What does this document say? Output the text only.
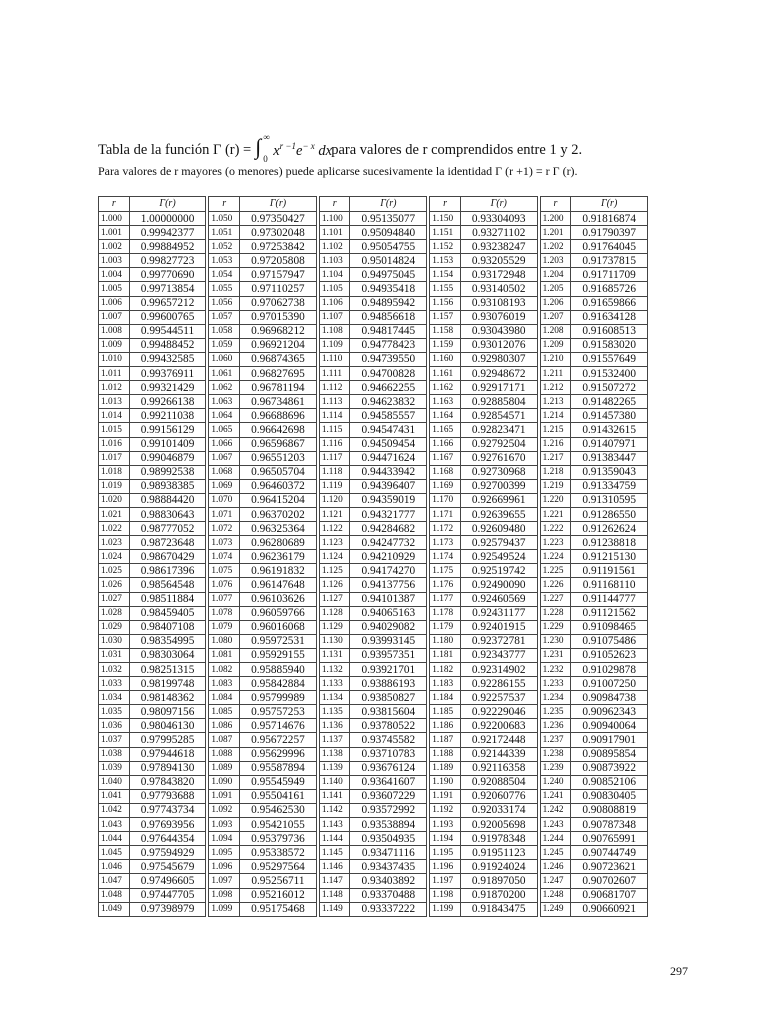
Tabla de la función Γ (r) = ∫ ∞
0
$x^{r -1}e^{- x}$ dx para valores de r comprendidos entre 1 y 2.
Para valores de r mayores (o menores) puede aplicarse sucesivamente la identidad Γ (r +1) = r Γ (r).
r	Γ(r)
1.000	1.00000000
1.001	0.99942377
1.002	0.99884952
1.003	0.99827723
1.004	0.99770690
1.005	0.99713854
1.006	0.99657212
1.007	0.99600765
1.008	0.99544511
1.009	0.99488452
1.010	0.99432585
1.011	0.99376911
1.012	0.99321429
1.013	0.99266138
1.014	0.99211038
1.015	0.99156129
1.016	0.99101409
1.017	0.99046879
1.018	0.98992538
1.019	0.98938385
1.020	0.98884420
1.021	0.98830643
1.022	0.98777052
1.023	0.98723648
1.024	0.98670429
1.025	0.98617396
1.026	0.98564548
1.027	0.98511884
1.028	0.98459405
1.029	0.98407108
1.030	0.98354995
1.031	0.98303064
1.032	0.98251315
1.033	0.98199748
1.034	0.98148362
1.035	0.98097156
1.036	0.98046130
1.037	0.97995285
1.038	0.97944618
1.039	0.97894130
1.040	0.97843820
1.041	0.97793688
1.042	0.97743734
1.043	0.97693956
1.044	0.97644354
1.045	0.97594929
1.046	0.97545679
1.047	0.97496605
1.048	0.97447705
1.049	0.97398979
r	Γ(r)
1.050	0.97350427
1.051	0.97302048
1.052	0.97253842
1.053	0.97205808
1.054	0.97157947
1.055	0.97110257
1.056	0.97062738
1.057	0.97015390
1.058	0.96968212
1.059	0.96921204
1.060	0.96874365
1.061	0.96827695
1.062	0.96781194
1.063	0.96734861
1.064	0.96688696
1.065	0.96642698
1.066	0.96596867
1.067	0.96551203
1.068	0.96505704
1.069	0.96460372
1.070	0.96415204
1.071	0.96370202
1.072	0.96325364
1.073	0.96280689
1.074	0.96236179
1.075	0.96191832
1.076	0.96147648
1.077	0.96103626
1.078	0.96059766
1.079	0.96016068
1.080	0.95972531
1.081	0.95929155
1.082	0.95885940
1.083	0.95842884
1.084	0.95799989
1.085	0.95757253
1.086	0.95714676
1.087	0.95672257
1.088	0.95629996
1.089	0.95587894
1.090	0.95545949
1.091	0.95504161
1.092	0.95462530
1.093	0.95421055
1.094	0.95379736
1.095	0.95338572
1.096	0.95297564
1.097	0.95256711
1.098	0.95216012
1.099	0.95175468
r	Γ(r)
1.100	0.95135077
1.101	0.95094840
1.102	0.95054755
1.103	0.95014824
1.104	0.94975045
1.105	0.94935418
1.106	0.94895942
1.107	0.94856618
1.108	0.94817445
1.109	0.94778423
1.110	0.94739550
1.111	0.94700828
1.112	0.94662255
1.113	0.94623832
1.114	0.94585557
1.115	0.94547431
1.116	0.94509454
1.117	0.94471624
1.118	0.94433942
1.119	0.94396407
1.120	0.94359019
1.121	0.94321777
1.122	0.94284682
1.123	0.94247732
1.124	0.94210929
1.125	0.94174270
1.126	0.94137756
1.127	0.94101387
1.128	0.94065163
1.129	0.94029082
1.130	0.93993145
1.131	0.93957351
1.132	0.93921701
1.133	0.93886193
1.134	0.93850827
1.135	0.93815604
1.136	0.93780522
1.137	0.93745582
1.138	0.93710783
1.139	0.93676124
1.140	0.93641607
1.141	0.93607229
1.142	0.93572992
1.143	0.93538894
1.144	0.93504935
1.145	0.93471116
1.146	0.93437435
1.147	0.93403892
1.148	0.93370488
1.149	0.93337222
r	Γ(r)
1.150	0.93304093
1.151	0.93271102
1.152	0.93238247
1.153	0.93205529
1.154	0.93172948
1.155	0.93140502
1.156	0.93108193
1.157	0.93076019
1.158	0.93043980
1.159	0.93012076
1.160	0.92980307
1.161	0.92948672
1.162	0.92917171
1.163	0.92885804
1.164	0.92854571
1.165	0.92823471
1.166	0.92792504
1.167	0.92761670
1.168	0.92730968
1.169	0.92700399
1.170	0.92669961
1.171	0.92639655
1.172	0.92609480
1.173	0.92579437
1.174	0.92549524
1.175	0.92519742
1.176	0.92490090
1.177	0.92460569
1.178	0.92431177
1.179	0.92401915
1.180	0.92372781
1.181	0.92343777
1.182	0.92314902
1.183	0.92286155
1.184	0.92257537
1.185	0.92229046
1.186	0.92200683
1.187	0.92172448
1.188	0.92144339
1.189	0.92116358
1.190	0.92088504
1.191	0.92060776
1.192	0.92033174
1.193	0.92005698
1.194	0.91978348
1.195	0.91951123
1.196	0.91924024
1.197	0.91897050
1.198	0.91870200
1.199	0.91843475
r	Γ(r)
1.200	0.91816874
1.201	0.91790397
1.202	0.91764045
1.203	0.91737815
1.204	0.91711709
1.205	0.91685726
1.206	0.91659866
1.207	0.91634128
1.208	0.91608513
1.209	0.91583020
1.210	0.91557649
1.211	0.91532400
1.212	0.91507272
1.213	0.91482265
1.214	0.91457380
1.215	0.91432615
1.216	0.91407971
1.217	0.91383447
1.218	0.91359043
1.219	0.91334759
1.220	0.91310595
1.221	0.91286550
1.222	0.91262624
1.223	0.91238818
1.224	0.91215130
1.225	0.91191561
1.226	0.91168110
1.227	0.91144777
1.228	0.91121562
1.229	0.91098465
1.230	0.91075486
1.231	0.91052623
1.232	0.91029878
1.233	0.91007250
1.234	0.90984738
1.235	0.90962343
1.236	0.90940064
1.237	0.90917901
1.238	0.90895854
1.239	0.90873922
1.240	0.90852106
1.241	0.90830405
1.242	0.90808819
1.243	0.90787348
1.244	0.90765991
1.245	0.90744749
1.246	0.90723621
1.247	0.90702607
1.248	0.90681707
1.249	0.90660921
297
